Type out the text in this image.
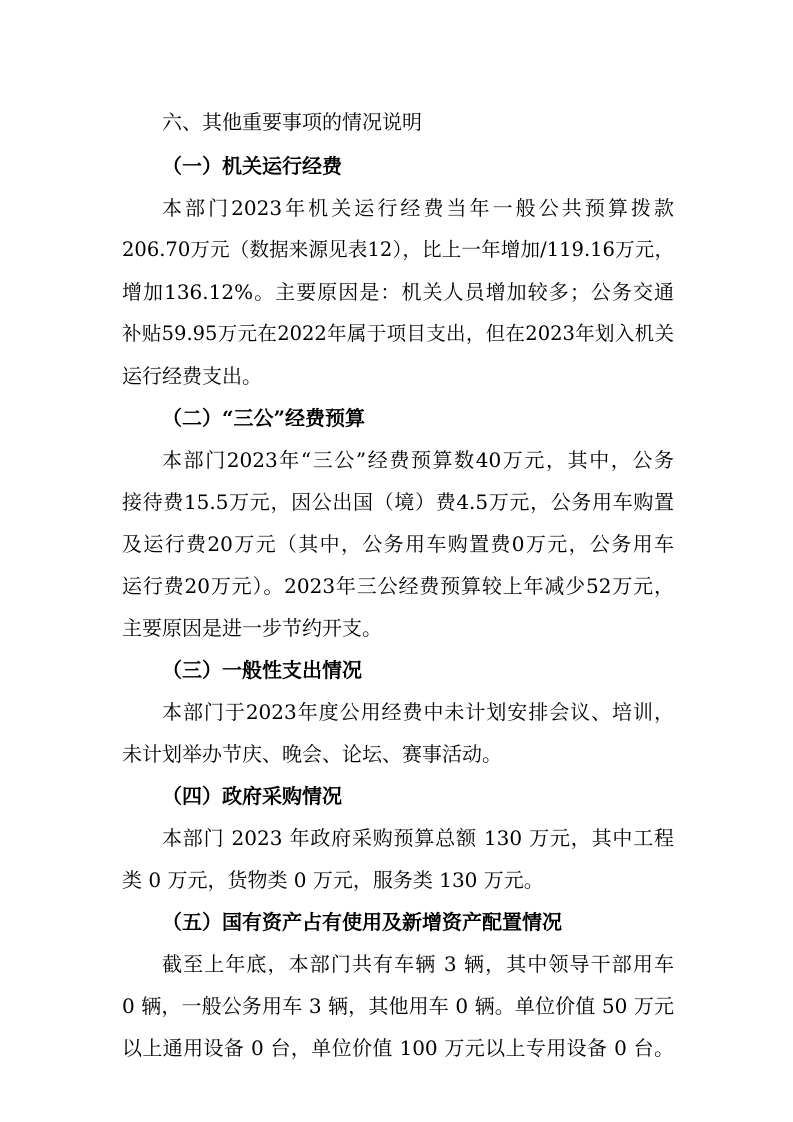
六、其他重要事项的情况说明
（一）机关运行经费
本部门2023年机关运行经费当年一般公共预算拨款
206.70万元（数据来源见表12），比上一年增加/119.16万元，
增加136.12%。主要原因是：机关人员增加较多；公务交通
补贴59.95万元在2022年属于项目支出，但在2023年划入机关
运行经费支出。
（二）“三公”经费预算
本部门2023年“三公”经费预算数40万元，其中，公务
接待费15.5万元，因公出国（境）费4.5万元，公务用车购置
及运行费20万元（其中，公务用车购置费0万元，公务用车
运行费20万元）。2023年三公经费预算较上年减少52万元，
主要原因是进一步节约开支。
（三）一般性支出情况
本部门于2023年度公用经费中未计划安排会议、培训，
未计划举办节庆、晚会、论坛、赛事活动。
（四）政府采购情况
本部门 2023 年政府采购预算总额 130 万元，其中工程
类 0 万元，货物类 0 万元，服务类 130 万元。
（五）国有资产占有使用及新增资产配置情况
截至上年底，本部门共有车辆 3 辆，其中领导干部用车
0 辆，一般公务用车 3 辆，其他用车 0 辆。单位价值 50 万元
以上通用设备 0 台，单位价值 100 万元以上专用设备 0 台。
